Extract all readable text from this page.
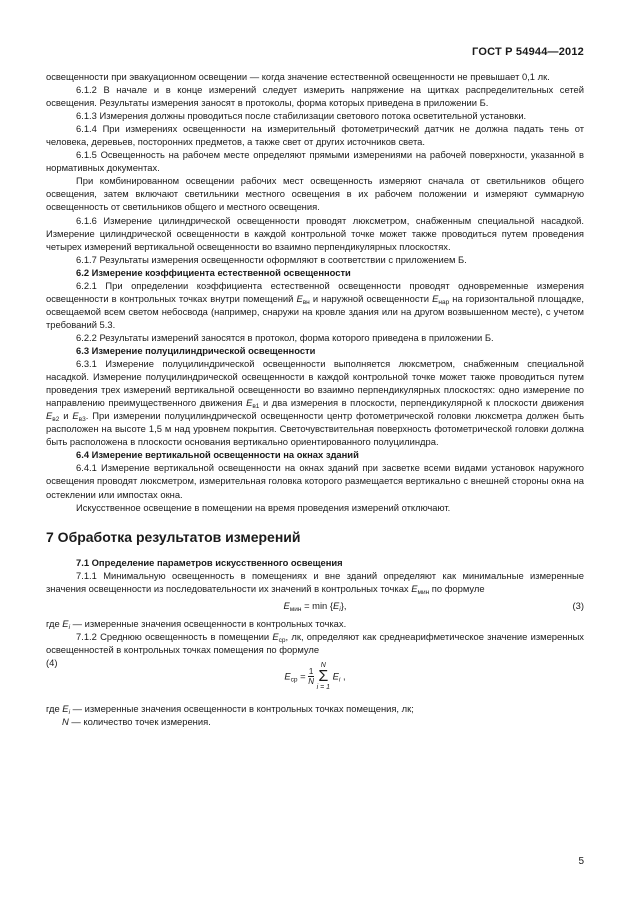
ГОСТ Р 54944—2012

освещенности при эвакуационном освещении — когда значение естественной освещенности не превышает 0,1 лк.

6.1.2 В начале и в конце измерений следует измерить напряжение на щитках распределительных сетей освещения. Результаты измерения заносят в протоколы, форма которых приведена в приложении Б.

6.1.3 Измерения должны проводиться после стабилизации светового потока осветительной установки.

6.1.4 При измерениях освещенности на измерительный фотометрический датчик не должна падать тень от человека, деревьев, посторонних предметов, а также свет от других источников света.

6.1.5 Освещенность на рабочем месте определяют прямыми измерениями на рабочей поверхности, указанной в нормативных документах.

При комбинированном освещении рабочих мест освещенность измеряют сначала от светильников общего освещения, затем включают светильники местного освещения в их рабочем положении и измеряют суммарную освещенность от светильников общего и местного освещения.

6.1.6 Измерение цилиндрической освещенности проводят люксметром, снабженным специальной насадкой. Измерение цилиндрической освещенности в каждой контрольной точке может также проводиться путем проведения четырех измерений вертикальной освещенности во взаимно перпендикулярных плоскостях.

6.1.7 Результаты измерения освещенности оформляют в соответствии с приложением Б.

6.2 Измерение коэффициента естественной освещенности

6.2.1 При определении коэффициента естественной освещенности проводят одновременные измерения освещенности в контрольных точках внутри помещений $E_{вн}$ и наружной освещенности $E_{нар}$ на горизонтальной площадке, освещаемой всем светом небосвода (например, снаружи на кровле здания или на другом возвышенном месте), с учетом требований 5.3.

6.2.2 Результаты измерений заносятся в протокол, форма которого приведена в приложении Б.

6.3 Измерение полуцилиндрической освещенности

6.3.1 Измерение полуцилиндрической освещенности выполняется люксметром, снабженным специальной насадкой. Измерение полуцилиндрической освещенности в каждой контрольной точке может также проводиться путем проведения трех измерений вертикальной освещенности во взаимно перпендикулярных плоскостях: одно измерение по направлению преимущественного движения $E_{в1}$ и два измерения в плоскости, перпендикулярной к плоскости движения $E_{в2}$ и $E_{в3}$. При измерении полуцилиндрической освещенности центр фотометрической головки люксметра должен быть расположен на высоте 1,5 м над уровнем покрытия. Светочувствительная поверхность фотометрической головки должна быть расположена в плоскости основания вертикально ориентированного полуцилиндра.

6.4 Измерение вертикальной освещенности на окнах зданий

6.4.1 Измерение вертикальной освещенности на окнах зданий при засветке всеми видами установок наружного освещения проводят люксметром, измерительная головка которого размещается вертикально с внешней стороны окна на остеклении или импостах окна.

Искусственное освещение в помещении на время проведения измерений отключают.

7 Обработка результатов измерений

7.1 Определение параметров искусственного освещения

7.1.1 Минимальную освещенность в помещениях и вне зданий определяют как минимальные измеренные значения освещенности из последовательности их значений в контрольных точках $E_{мин}$ по формуле

$E_{мин} = \min \{E_i\}$,	(3)

где $E_i$ — измеренные значения освещенности в контрольных точках.

7.1.2 Среднюю освещенность в помещении $E_{ср}$, лк, определяют как среднеарифметическое значение измеренных освещенностей в контрольных точках помещения по формуле

$E_{ср} = \frac{1}{N}$

N
Σ
i = 1
$E_i$ ,
(4)

где $E_i$ — измеренные значения освещенности в контрольных точках помещения, лк;

N — количество точек измерения.

5
